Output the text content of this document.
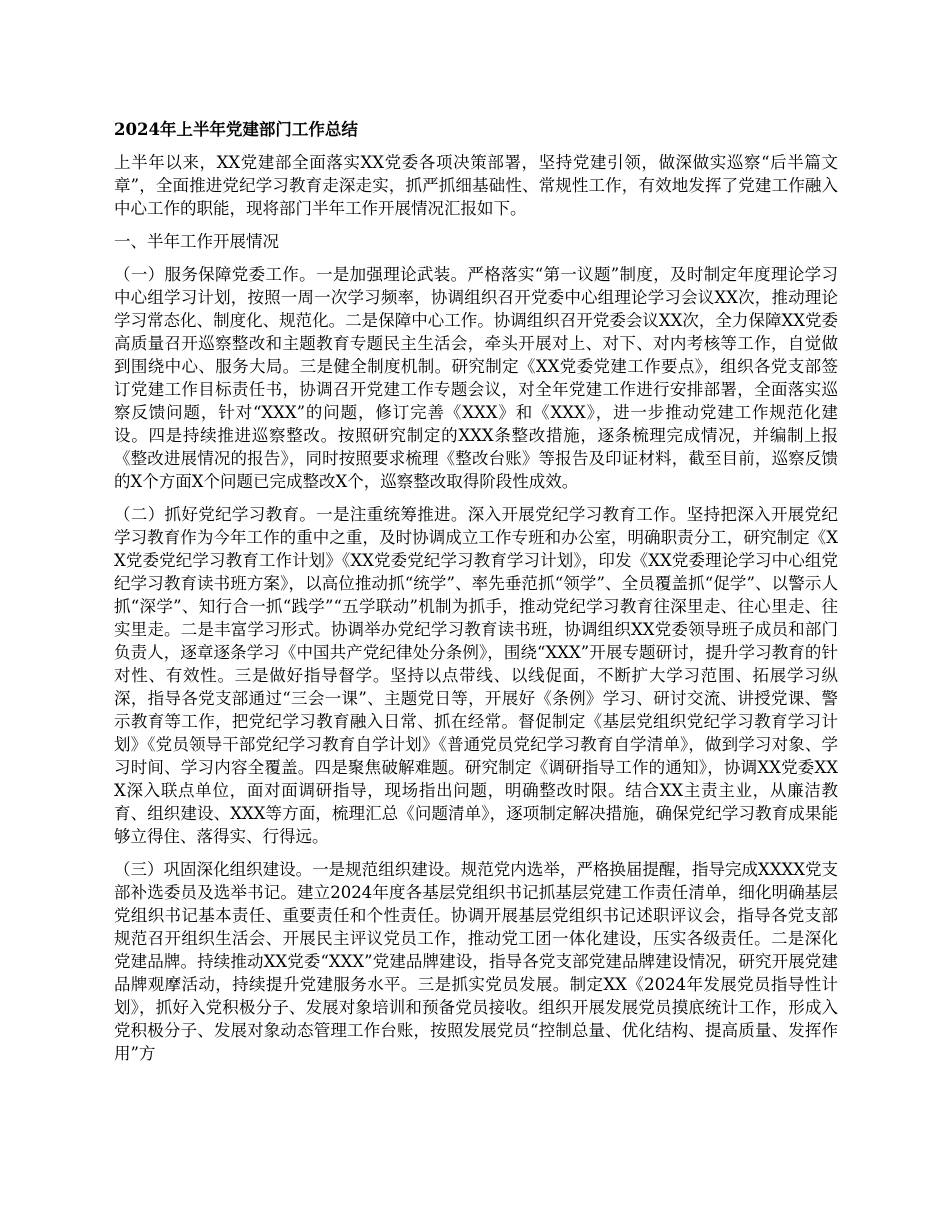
2024年上半年党建部门工作总结
上半年以来，XX党建部全面落实XX党委各项决策部署，坚持党建引领，做深做实巡察“后半篇文章”，全面推进党纪学习教育走深走实，抓严抓细基础性、常规性工作，有效地发挥了党建工作融入中心工作的职能，现将部门半年工作开展情况汇报如下。
一、半年工作开展情况
（一）服务保障党委工作。一是加强理论武装。严格落实“第一议题”制度，及时制定年度理论学习中心组学习计划，按照一周一次学习频率，协调组织召开党委中心组理论学习会议XX次，推动理论学习常态化、制度化、规范化。二是保障中心工作。协调组织召开党委会议XX次，全力保障XX党委高质量召开巡察整改和主题教育专题民主生活会，牵头开展对上、对下、对内考核等工作，自觉做到围绕中心、服务大局。三是健全制度机制。研究制定《XX党委党建工作要点》，组织各党支部签订党建工作目标责任书，协调召开党建工作专题会议，对全年党建工作进行安排部署，全面落实巡察反馈问题，针对“XXX”的问题，修订完善《XXX》和《XXX》，进一步推动党建工作规范化建设。四是持续推进巡察整改。按照研究制定的XXX条整改措施，逐条梳理完成情况，并编制上报《整改进展情况的报告》，同时按照要求梳理《整改台账》等报告及印证材料，截至目前，巡察反馈的X个方面X个问题已完成整改X个，巡察整改取得阶段性成效。
（二）抓好党纪学习教育。一是注重统筹推进。深入开展党纪学习教育工作。坚持把深入开展党纪学习教育作为今年工作的重中之重，及时协调成立工作专班和办公室，明确职责分工，研究制定《XX党委党纪学习教育工作计划》《XX党委党纪学习教育学习计划》，印发《XX党委理论学习中心组党纪学习教育读书班方案》，以高位推动抓“统学”、率先垂范抓“领学”、全员覆盖抓“促学”、以警示人抓“深学”、知行合一抓“践学”“五学联动”机制为抓手，推动党纪学习教育往深里走、往心里走、往实里走。二是丰富学习形式。协调举办党纪学习教育读书班，协调组织XX党委领导班子成员和部门负责人，逐章逐条学习《中国共产党纪律处分条例》，围绕“XXX”开展专题研讨，提升学习教育的针对性、有效性。三是做好指导督学。坚持以点带线、以线促面，不断扩大学习范围、拓展学习纵深，指导各党支部通过“三会一课”、主题党日等，开展好《条例》学习、研讨交流、讲授党课、警示教育等工作，把党纪学习教育融入日常、抓在经常。督促制定《基层党组织党纪学习教育学习计划》《党员领导干部党纪学习教育自学计划》《普通党员党纪学习教育自学清单》，做到学习对象、学习时间、学习内容全覆盖。四是聚焦破解难题。研究制定《调研指导工作的通知》，协调XX党委XXX深入联点单位，面对面调研指导，现场指出问题，明确整改时限。结合XX主责主业，从廉洁教育、组织建设、XXX等方面，梳理汇总《问题清单》，逐项制定解决措施，确保党纪学习教育成果能够立得住、落得实、行得远。
（三）巩固深化组织建设。一是规范组织建设。规范党内选举，严格换届提醒，指导完成XXXX党支部补选委员及选举书记。建立2024年度各基层党组织书记抓基层党建工作责任清单，细化明确基层党组织书记基本责任、重要责任和个性责任。协调开展基层党组织书记述职评议会，指导各党支部规范召开组织生活会、开展民主评议党员工作，推动党工团一体化建设，压实各级责任。二是深化党建品牌。持续推动XX党委“XXX”党建品牌建设，指导各党支部党建品牌建设情况，研究开展党建品牌观摩活动，持续提升党建服务水平。三是抓实党员发展。制定XX《2024年发展党员指导性计划》，抓好入党积极分子、发展对象培训和预备党员接收。组织开展发展党员摸底统计工作，形成入党积极分子、发展对象动态管理工作台账，按照发展党员“控制总量、优化结构、提高质量、发挥作用”方
